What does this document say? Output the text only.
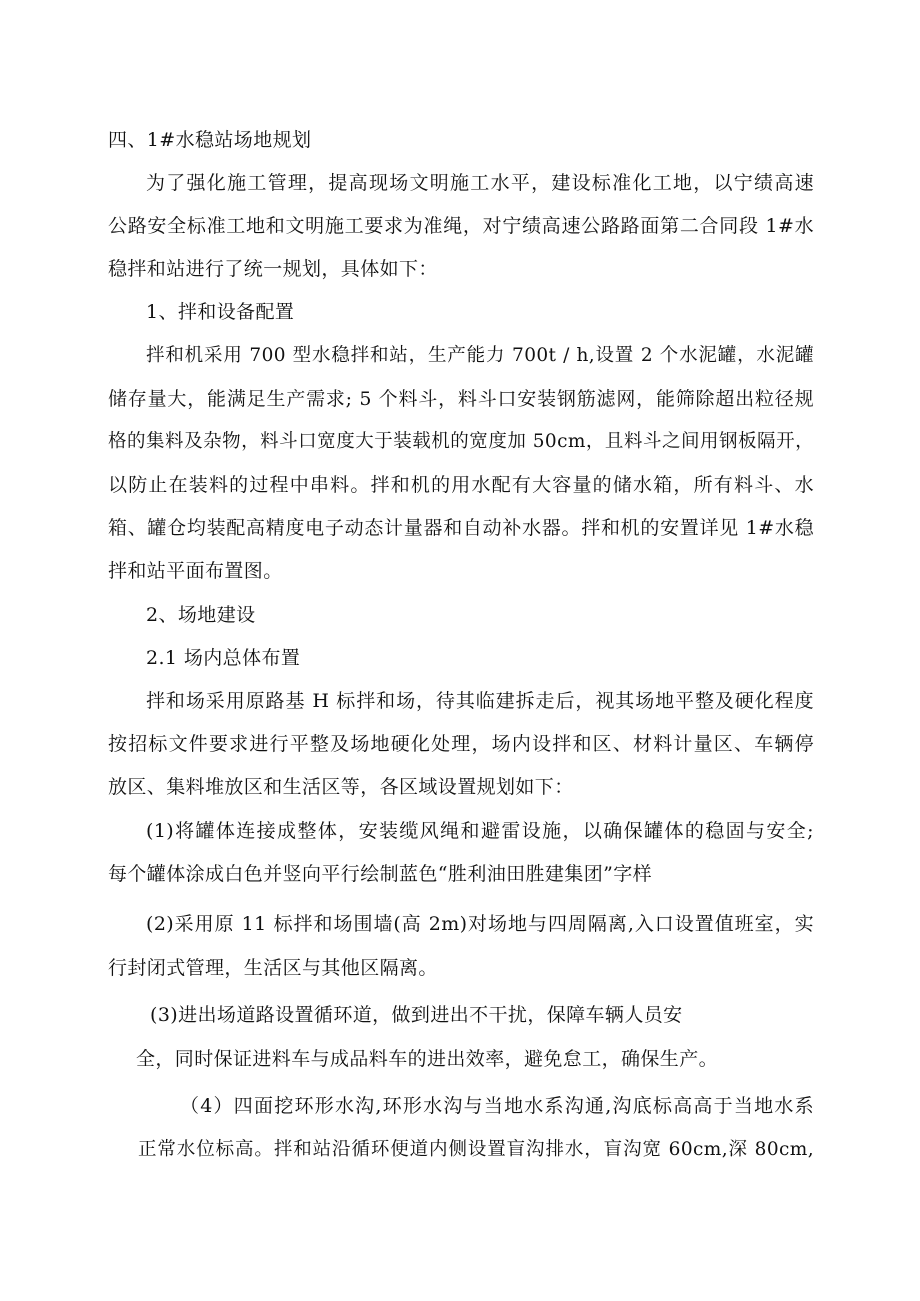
四、1#水稳站场地规划
为了强化施工管理，提高现场文明施工水平，建设标准化工地，以宁绩高速
公路安全标准工地和文明施工要求为准绳，对宁绩高速公路路面第二合同段 1#水
稳拌和站进行了统一规划，具体如下：
1、拌和设备配置
拌和机采用 700 型水稳拌和站，生产能力 700t / h,设置 2 个水泥罐，水泥罐
储存量大，能满足生产需求; 5 个料斗，料斗口安装钢筋滤网，能筛除超出粒径规
格的集料及杂物，料斗口宽度大于装载机的宽度加 50cm，且料斗之间用钢板隔开，
以防止在装料的过程中串料。拌和机的用水配有大容量的储水箱，所有料斗、水
箱、罐仓均装配高精度电子动态计量器和自动补水器。拌和机的安置详见 1#水稳
拌和站平面布置图。
2、场地建设
2.1 场内总体布置
拌和场采用原路基 H 标拌和场，待其临建拆走后，视其场地平整及硬化程度
按招标文件要求进行平整及场地硬化处理，场内设拌和区、材料计量区、车辆停
放区、集料堆放区和生活区等，各区域设置规划如下：
(1)将罐体连接成整体，安装缆风绳和避雷设施，以确保罐体的稳固与安全;
每个罐体涂成白色并竖向平行绘制蓝色“胜利油田胜建集团”字样
(2)采用原 11 标拌和场围墙(高 2m)对场地与四周隔离,入口设置值班室，实
行封闭式管理，生活区与其他区隔离。
(3)进出场道路设置循环道，做到进出不干扰，保障车辆人员安
全，同时保证进料车与成品料车的进出效率，避免怠工，确保生产。
（4）四面挖环形水沟,环形水沟与当地水系沟通,沟底标高高于当地水系
正常水位标高。拌和站沿循环便道内侧设置盲沟排水，盲沟宽 60cm,深 80cm,
